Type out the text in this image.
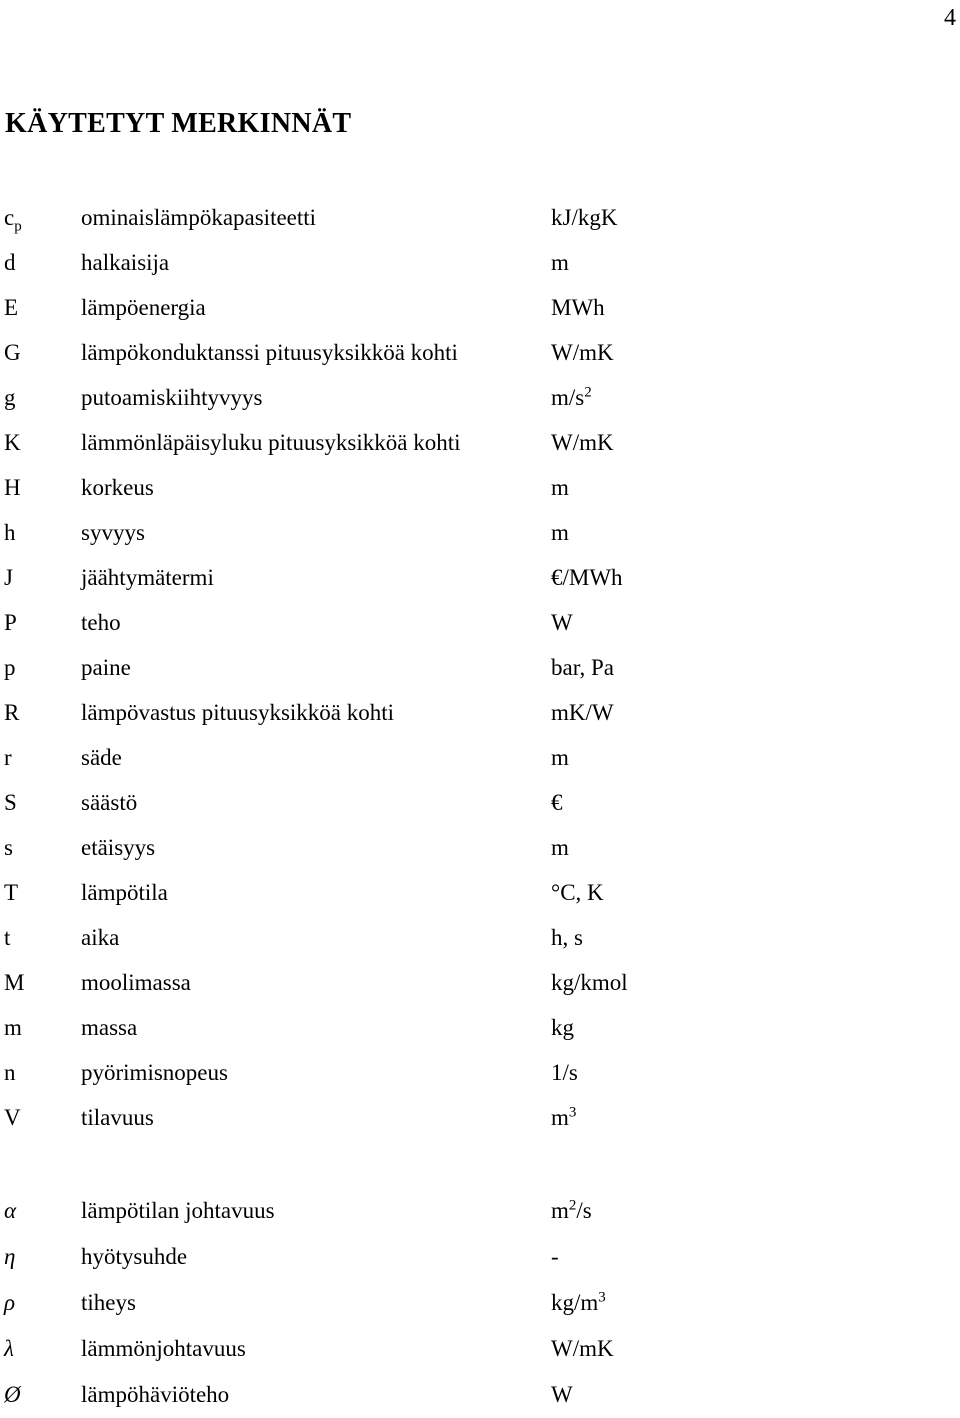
4
KÄYTETYT MERKINNÄT
$c_p$	ominaislämpökapasiteetti	kJ/kgK
d	halkaisija	m
E	lämpöenergia	MWh
G	lämpökonduktanssi pituusyksikköä kohti	W/mK
g	putoamiskiihtyvyys	$m/s^2$
K	lämmönläpäisyluku pituusyksikköä kohti	W/mK
H	korkeus	m
h	syvyys	m
J	jäähtymätermi	€/MWh
P	teho	W
p	paine	bar, Pa
R	lämpövastus pituusyksikköä kohti	mK/W
r	säde	m
S	säästö	€
s	etäisyys	m
T	lämpötila	°C, K
t	aika	h, s
M moolimassa	kg/kmol
m	massa	kg
n	pyörimisnopeus	1/s
V	tilavuus	$m^3$
α	lämpötilan johtavuus	$m^2/s$
η	hyötysuhde	-
ρ	tiheys	$kg/m^3$
λ	lämmönjohtavuus	W/mK
Ø	lämpöhäviöteho	W
